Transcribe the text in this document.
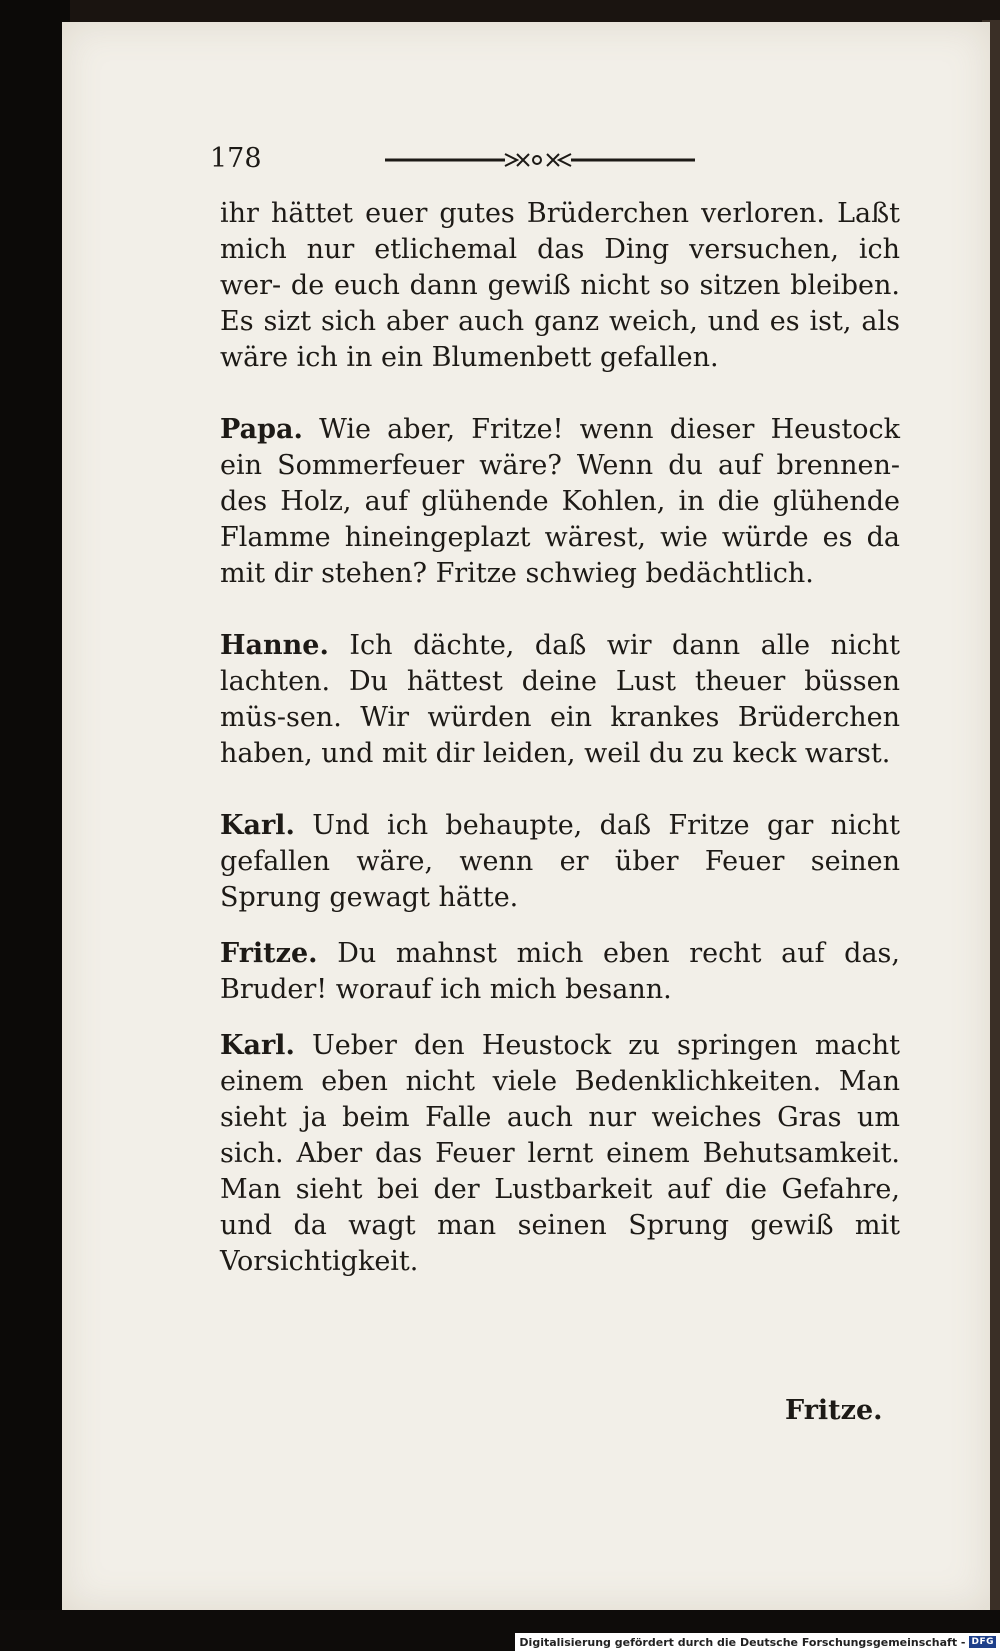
178

ihr hättet euer gutes Brüderchen verloren. Laßt mich nur etlichemal das Ding versuchen, ich wer- de euch dann gewiß nicht so sitzen bleiben. Es sizt sich aber auch ganz weich, und es ist, als wäre ich in ein Blumenbett gefallen.

Papa. Wie aber, Fritze! wenn dieser Heustock ein Sommerfeuer wäre? Wenn du auf brennen-des Holz, auf glühende Kohlen, in die glühende Flamme hineingeplazt wärest, wie würde es da mit dir stehen? Fritze schwieg bedächtlich.

Hanne. Ich dächte, daß wir dann alle nicht lachten. Du hättest deine Lust theuer büssen müs-sen. Wir würden ein krankes Brüderchen haben, und mit dir leiden, weil du zu keck warst.

Karl. Und ich behaupte, daß Fritze gar nicht gefallen wäre, wenn er über Feuer seinen Sprung gewagt hätte.

Fritze. Du mahnst mich eben recht auf das, Bruder! worauf ich mich besann.

Karl. Ueber den Heustock zu springen macht einem eben nicht viele Bedenklichkeiten. Man sieht ja beim Falle auch nur weiches Gras um sich. Aber das Feuer lernt einem Behutsamkeit. Man sieht bei der Lustbarkeit auf die Gefahre, und da wagt man seinen Sprung gewiß mit Vorsichtigkeit.

Fritze.
Digitalisierung gefördert durch die Deutsche Forschungsgemeinschaft - DFG
